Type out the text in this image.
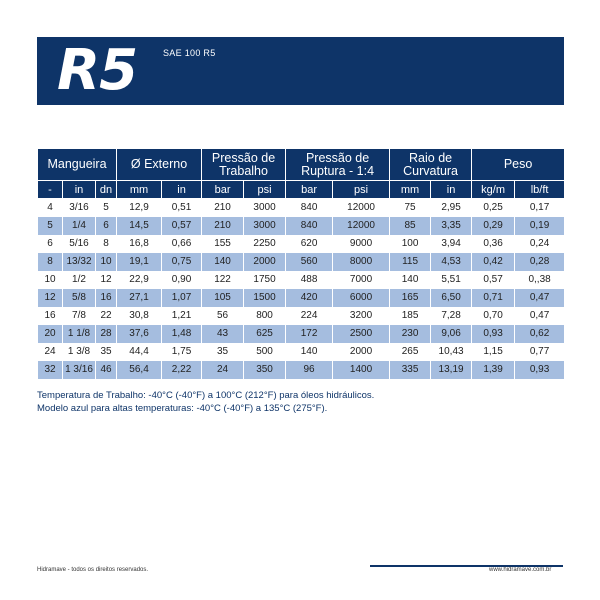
R5	SAE 100 R5
Mangueira			Ø Externo		Pressão de Trabalho		Pressão de Ruptura - 1:4		Raio de Curvatura		Peso	
-	in	dn	mm	in	bar	psi	bar	psi	mm	in	kg/m	lb/ft
4	3/16	5	12,9	0,51	210	3000	840	12000	75	2,95	0,25	0,17
5	1/4	6	14,5	0,57	210	3000	840	12000	85	3,35	0,29	0,19
6	5/16	8	16,8	0,66	155	2250	620	9000	100	3,94	0,36	0,24
8	13/32	10	19,1	0,75	140	2000	560	8000	115	4,53	0,42	0,28
10	1/2	12	22,9	0,90	122	1750	488	7000	140	5,51	0,57	0,,38
12	5/8	16	27,1	1,07	105	1500	420	6000	165	6,50	0,71	0,47
16	7/8	22	30,8	1,21	56	800	224	3200	185	7,28	0,70	0,47
20	1 1/8	28	37,6	1,48	43	625	172	2500	230	9,06	0,93	0,62
24	1 3/8	35	44,4	1,75	35	500	140	2000	265	10,43	1,15	0,77
32	1 3/16	46	56,4	2,22	24	350	96	1400	335	13,19	1,39	0,93
Temperatura de Trabalho: -40°C (-40°F) a 100°C (212°F) para óleos hidráulicos.
Modelo azul para altas temperaturas: -40°C (-40°F) a 135°C (275°F).
Hidramave - todos os direitos reservados.	www.hidramave.com.br
